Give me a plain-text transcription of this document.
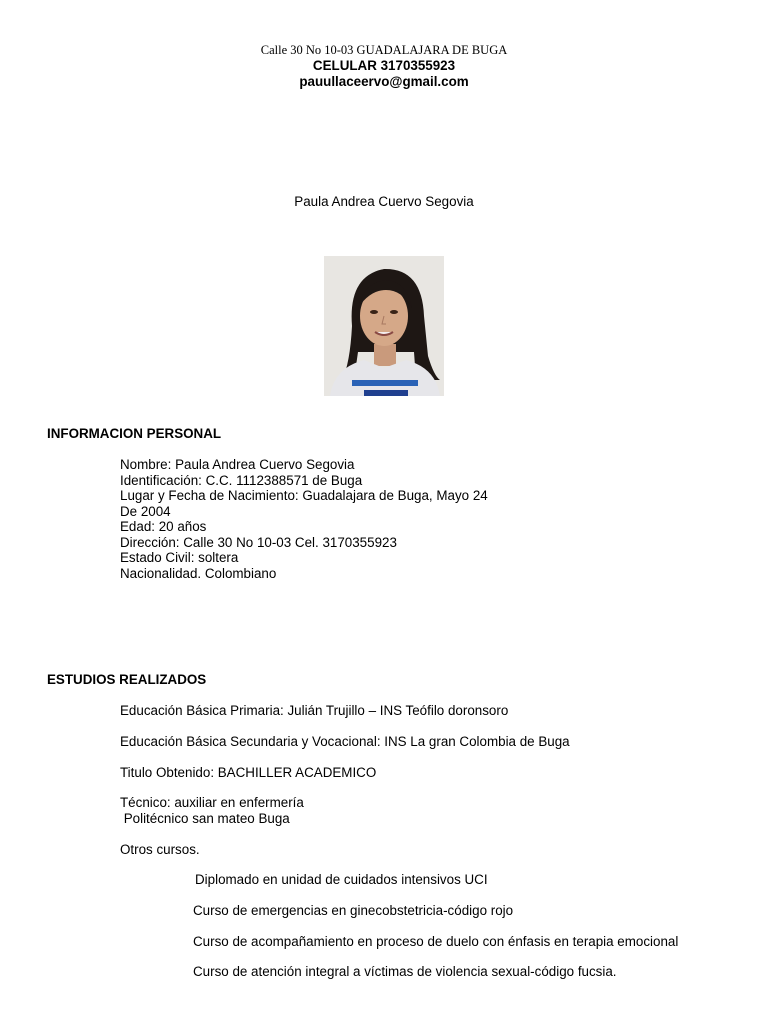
Calle 30 No 10-03 GUADALAJARA DE BUGA
CELULAR 3170355923
pauullaceervo@gmail.com
Paula Andrea Cuervo Segovia
INFORMACION PERSONAL
Nombre: Paula Andrea Cuervo Segovia
Identificación: C.C. 1112388571 de Buga
Lugar y Fecha de Nacimiento: Guadalajara de Buga, Mayo 24
De 2004
Edad: 20 años
Dirección: Calle 30 No 10-03 Cel. 3170355923
Estado Civil: soltera
Nacionalidad. Colombiano
ESTUDIOS REALIZADOS
Educación Básica Primaria: Julián Trujillo – INS Teófilo doronsoro
Educación Básica Secundaria y Vocacional: INS La gran Colombia de Buga
Titulo Obtenido: BACHILLER ACADEMICO
Técnico: auxiliar en enfermería
Politécnico san mateo Buga
Otros cursos.
Diplomado en unidad de cuidados intensivos UCI
Curso de emergencias en ginecobstetricia-código rojo
Curso de acompañamiento en proceso de duelo con énfasis en terapia emocional
Curso de atención integral a víctimas de violencia sexual-código fucsia.
